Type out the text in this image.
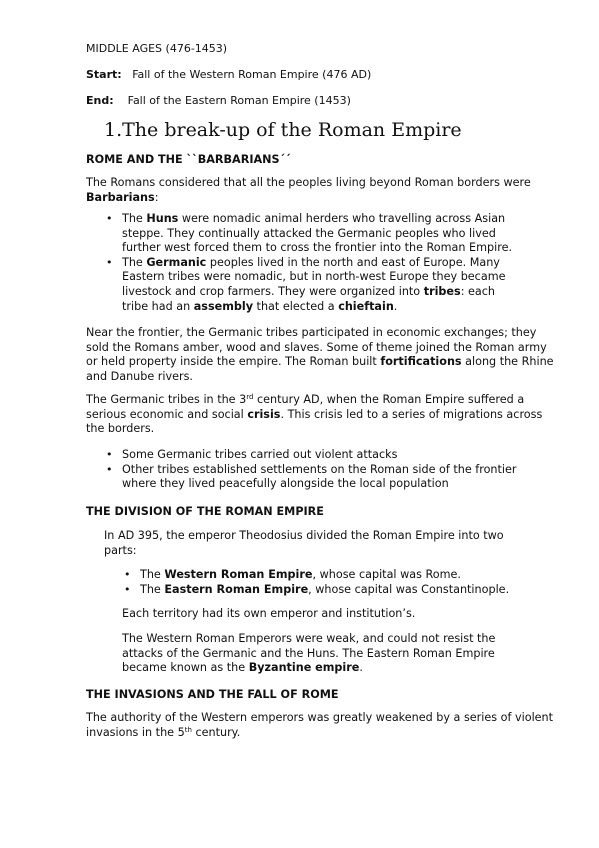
MIDDLE AGES (476-1453)
Start: Fall of the Western Roman Empire (476 AD)
End: Fall of the Eastern Roman Empire (1453)
1.The break-up of the Roman Empire
ROME AND THE ``BARBARIANS´´

The Romans considered that all the peoples living beyond Roman borders were Barbarians:

• The Huns were nomadic animal herders who travelling across Asian steppe. They continually attacked the Germanic peoples who lived further west forced them to cross the frontier into the Roman Empire.
• The Germanic peoples lived in the north and east of Europe. Many Eastern tribes were nomadic, but in north-west Europe they became livestock and crop farmers. They were organized into tribes: each tribe had an assembly that elected a chieftain.

Near the frontier, the Germanic tribes participated in economic exchanges; they sold the Romans amber, wood and slaves. Some of theme joined the Roman army or held property inside the empire. The Roman built fortifications along the Rhine and Danube rivers.

The Germanic tribes in the 3rd century AD, when the Roman Empire suffered a serious economic and social crisis. This crisis led to a series of migrations across the borders.

• Some Germanic tribes carried out violent attacks
• Other tribes established settlements on the Roman side of the frontier where they lived peacefully alongside the local population
THE DIVISION OF THE ROMAN EMPIRE

In AD 395, the emperor Theodosius divided the Roman Empire into two parts:

• The Western Roman Empire, whose capital was Rome.
• The Eastern Roman Empire, whose capital was Constantinople.

Each territory had its own emperor and institution’s.

The Western Roman Emperors were weak, and could not resist the attacks of the Germanic and the Huns. The Eastern Roman Empire became known as the Byzantine empire.

THE INVASIONS AND THE FALL OF ROME

The authority of the Western emperors was greatly weakened by a series of violent invasions in the 5th century.
